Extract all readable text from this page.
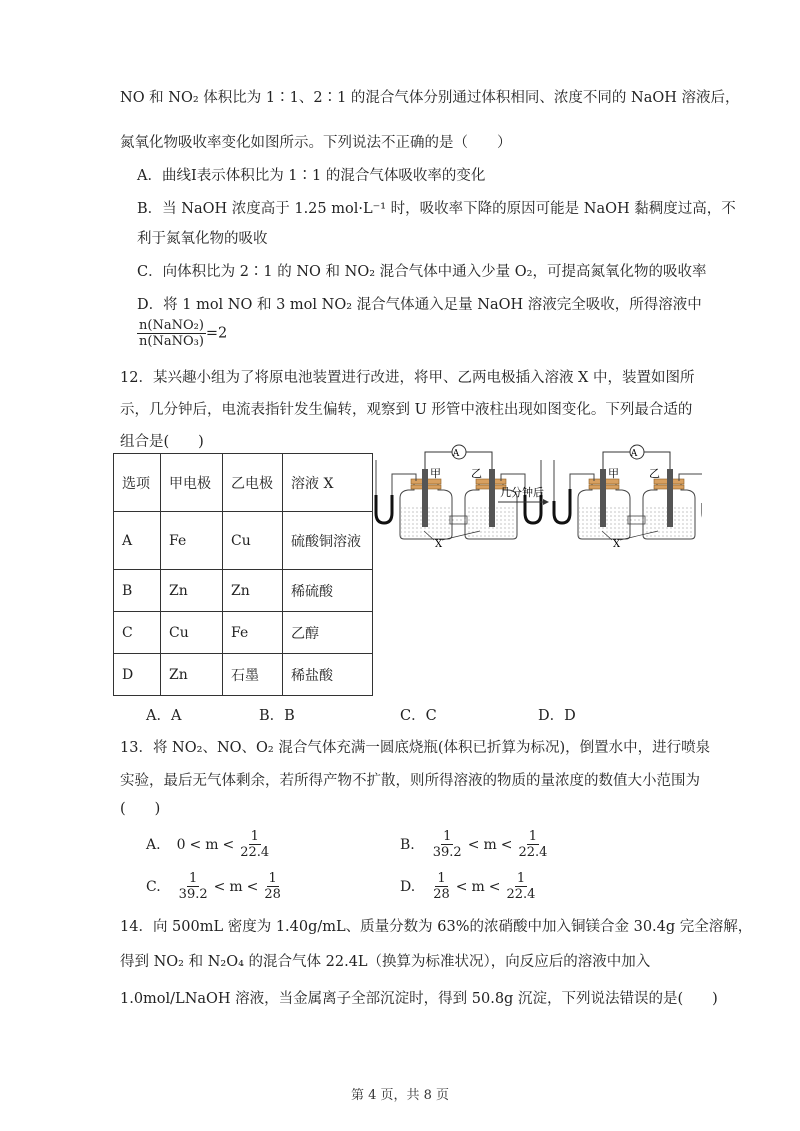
NO 和 NO₂ 体积比为 1∶1、2∶1 的混合气体分别通过体积相同、浓度不同的 NaOH 溶液后，
氮氧化物吸收率变化如图所示。下列说法不正确的是（　　）
A．曲线Ⅰ表示体积比为 1∶1 的混合气体吸收率的变化
B．当 NaOH 浓度高于 1.25 mol·L⁻¹ 时，吸收率下降的原因可能是 NaOH 黏稠度过高，不
利于氮氧化物的吸收
C．向体积比为 2∶1 的 NO 和 NO₂ 混合气体中通入少量 O₂，可提高氮氧化物的吸收率
D．将 1 mol NO 和 3 mol NO₂ 混合气体通入足量 NaOH 溶液完全吸收，所得溶液中
$\frac{\text{n(NaNO₂)}}{\text{n(NaNO₃)}} =2$
12．某兴趣小组为了将原电池装置进行改进，将甲、乙两电极插入溶液 X 中，装置如图所
示，几分钟后，电流表指针发生偏转，观察到 U 形管中液柱出现如图变化。下列最合适的
组合是(　　)
选项	甲电极	乙电极	溶液 X
A	Fe	Cu	硫酸铜溶液
B	Zn	Zn	稀硫酸
C	Cu	Fe	乙醇
D	Zn	石墨	稀盐酸
A
甲	乙
X
几分钟后
A
甲	乙
X
A．A	B．B	C．C	D．D
13．将 NO₂、NO、O₂ 混合气体充满一圆底烧瓶(体积已折算为标况)，倒置水中，进行喷泉
实验，最后无气体剩余，若所得产物不扩散，则所得溶液的物质的量浓度的数值大小范围为
(　　)
A. $0 < m < \frac{1}{22.4}$	B. $\frac{1}{39.2} < m < \frac{1}{22.4}$
C. $\frac{1}{39.2} < m < \frac{1}{28}$	D. $\frac{1}{28} < m < \frac{1}{22.4}$
14．向 500mL 密度为 1.40g/mL、质量分数为 63%的浓硝酸中加入铜镁合金 30.4g 完全溶解，
得到 NO₂ 和 N₂O₄ 的混合气体 22.4L（换算为标准状况），向反应后的溶液中加入
1.0mol/LNaOH 溶液，当金属离子全部沉淀时，得到 50.8g 沉淀，下列说法错误的是(　　)
第 4 页，共 8 页
